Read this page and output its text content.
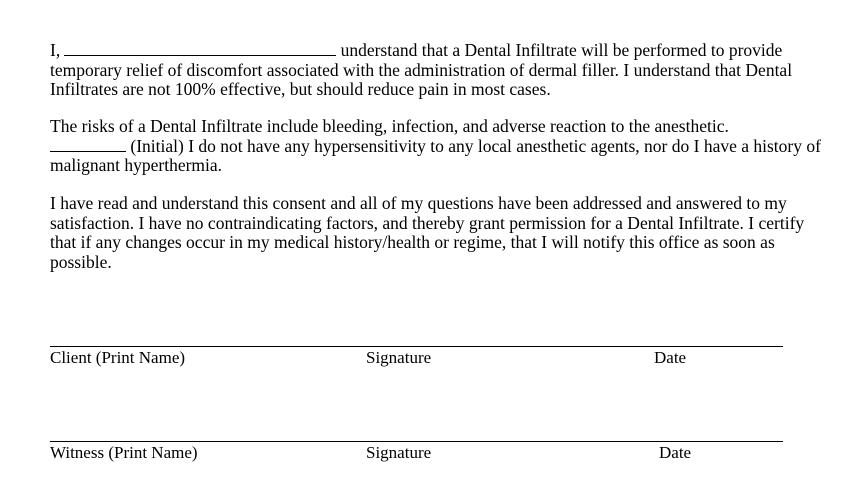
I,	understand that a Dental Infiltrate will be performed to provide
temporary relief of discomfort associated with the administration of dermal filler. I understand that Dental
Infiltrates are not 100% effective, but should reduce pain in most cases.
The risks of a Dental Infiltrate include bleeding, infection, and adverse reaction to the anesthetic.
(Initial) I do not have any hypersensitivity to any local anesthetic agents, nor do I have a history of
malignant hyperthermia.
I have read and understand this consent and all of my questions have been addressed and answered to my
satisfaction. I have no contraindicating factors, and thereby grant permission for a Dental Infiltrate. I certify
that if any changes occur in my medical history/health or regime, that I will notify this office as soon as
possible.
Client (Print Name)	Signature	Date
Witness (Print Name)	Signature	Date
